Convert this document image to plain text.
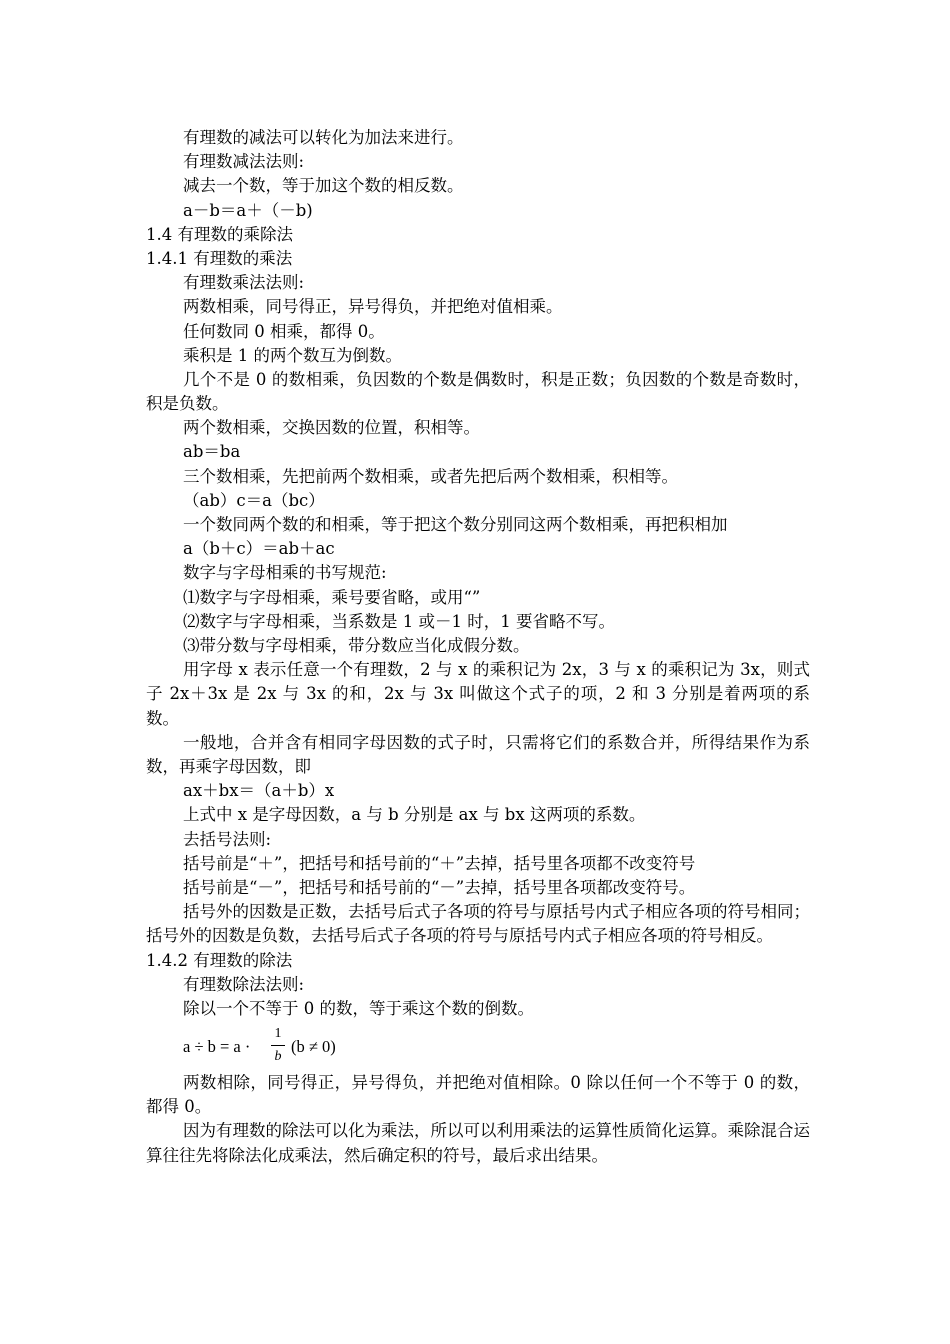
有理数的减法可以转化为加法来进行。
有理数减法法则:
减去一个数，等于加这个数的相反数。
a－b＝a＋（－b)
1.4 有理数的乘除法
1.4.1 有理数的乘法
有理数乘法法则:
两数相乘，同号得正，异号得负，并把绝对值相乘。
任何数同 0 相乘，都得 0。
乘积是 1 的两个数互为倒数。
几个不是 0 的数相乘，负因数的个数是偶数时，积是正数；负因数的个数是奇数时，积是负数。
两个数相乘，交换因数的位置，积相等。
ab＝ba
三个数相乘，先把前两个数相乘，或者先把后两个数相乘，积相等。
（ab）c＝a（bc）
一个数同两个数的和相乘，等于把这个数分别同这两个数相乘，再把积相加
a（b＋c）＝ab＋ac
数字与字母相乘的书写规范:
⑴数字与字母相乘，乘号要省略，或用“”
⑵数字与字母相乘，当系数是 1 或－1 时，1 要省略不写。
⑶带分数与字母相乘，带分数应当化成假分数。
用字母 x 表示任意一个有理数，2 与 x 的乘积记为 2x，3 与 x 的乘积记为 3x，则式子 2x＋3x 是 2x 与 3x 的和，2x 与 3x 叫做这个式子的项，2 和 3 分别是着两项的系数。
一般地，合并含有相同字母因数的式子时，只需将它们的系数合并，所得结果作为系数，再乘字母因数，即
ax＋bx＝（a＋b）x
上式中 x 是字母因数，a 与 b 分别是 ax 与 bx 这两项的系数。
去括号法则:
括号前是“＋”，把括号和括号前的“＋”去掉，括号里各项都不改变符号
括号前是“－”，把括号和括号前的“－”去掉，括号里各项都改变符号。
括号外的因数是正数，去括号后式子各项的符号与原括号内式子相应各项的符号相同；括号外的因数是负数，去括号后式子各项的符号与原括号内式子相应各项的符号相反。
1.4.2 有理数的除法
有理数除法法则:
除以一个不等于 0 的数，等于乘这个数的倒数。
a ÷ b = a ·
1
b
(b ≠ 0)
两数相除，同号得正，异号得负，并把绝对值相除。0 除以任何一个不等于 0 的数，都得 0。
因为有理数的除法可以化为乘法，所以可以利用乘法的运算性质简化运算。乘除混合运算往往先将除法化成乘法，然后确定积的符号，最后求出结果。
